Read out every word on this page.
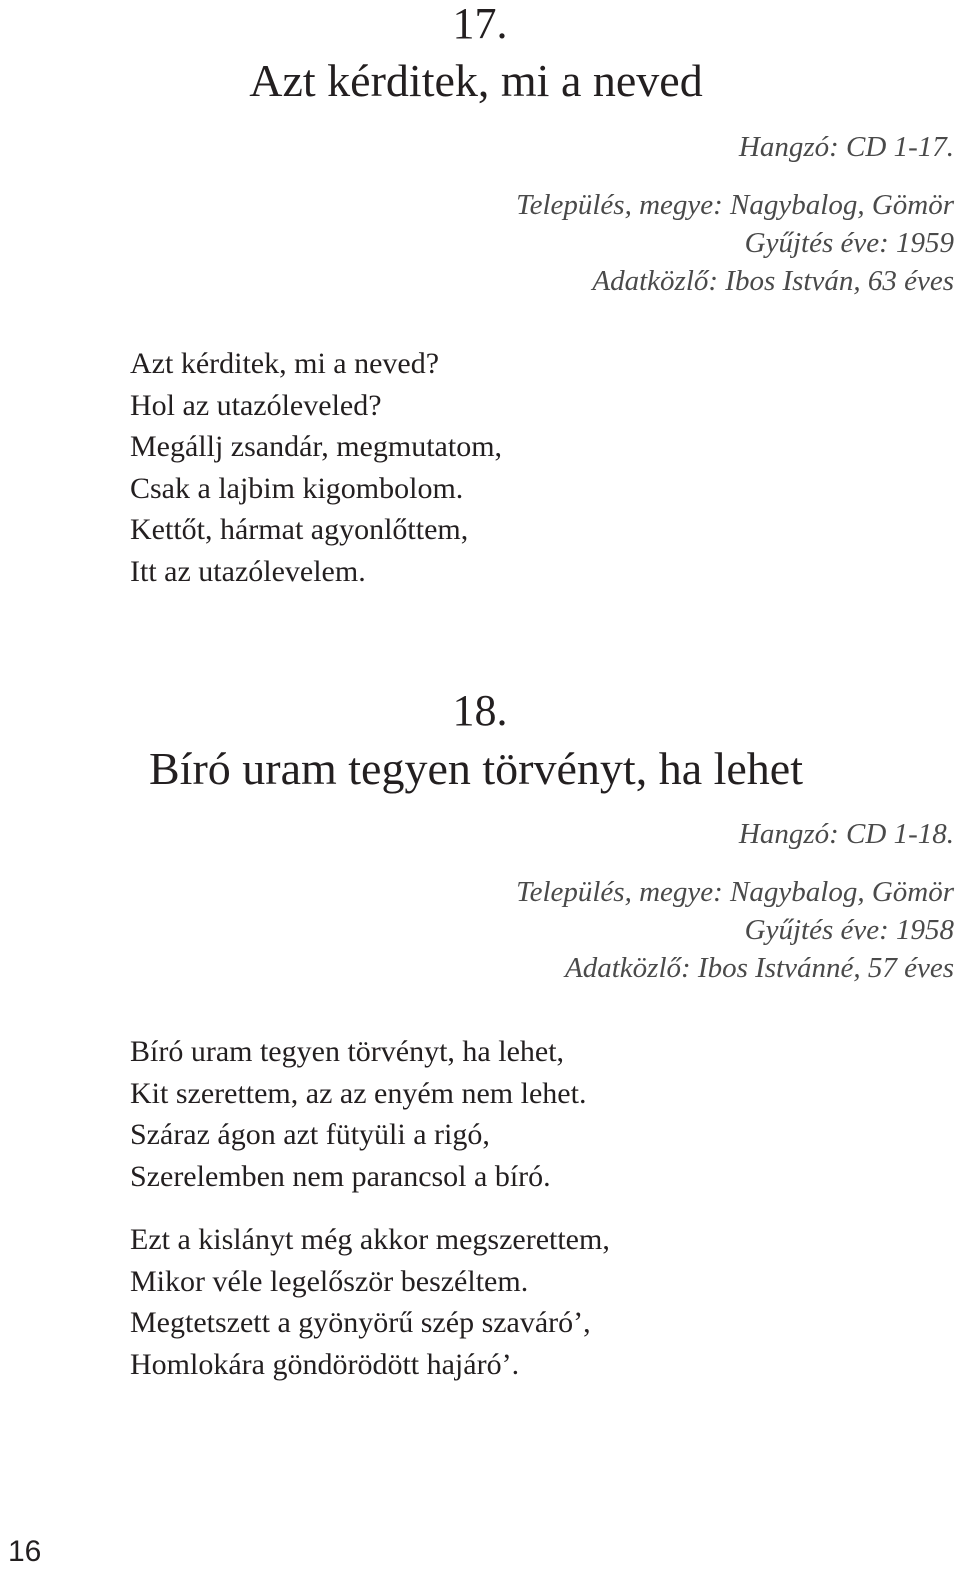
17.
Azt kérditek, mi a neved
Hangzó: CD 1-17.
Település, megye: Nagybalog, Gömör
Gyűjtés éve: 1959
Adatközlő: Ibos István, 63 éves
Azt kérditek, mi a neved?
Hol az utazóleveled?
Megállj zsandár, megmutatom,
Csak a lajbim kigombolom.
Kettőt, hármat agyonlőttem,
Itt az utazólevelem.
18.
Bíró uram tegyen törvényt, ha lehet
Hangzó: CD 1-18.
Település, megye: Nagybalog, Gömör
Gyűjtés éve: 1958
Adatközlő: Ibos Istvánné, 57 éves
Bíró uram tegyen törvényt, ha lehet,
Kit szerettem, az az enyém nem lehet.
Száraz ágon azt fütyüli a rigó,
Szerelemben nem parancsol a bíró.
Ezt a kislányt még akkor megszerettem,
Mikor véle legelőször beszéltem.
Megtetszett a gyönyörű szép szaváró’,
Homlokára göndörödött hajáró’.
16
